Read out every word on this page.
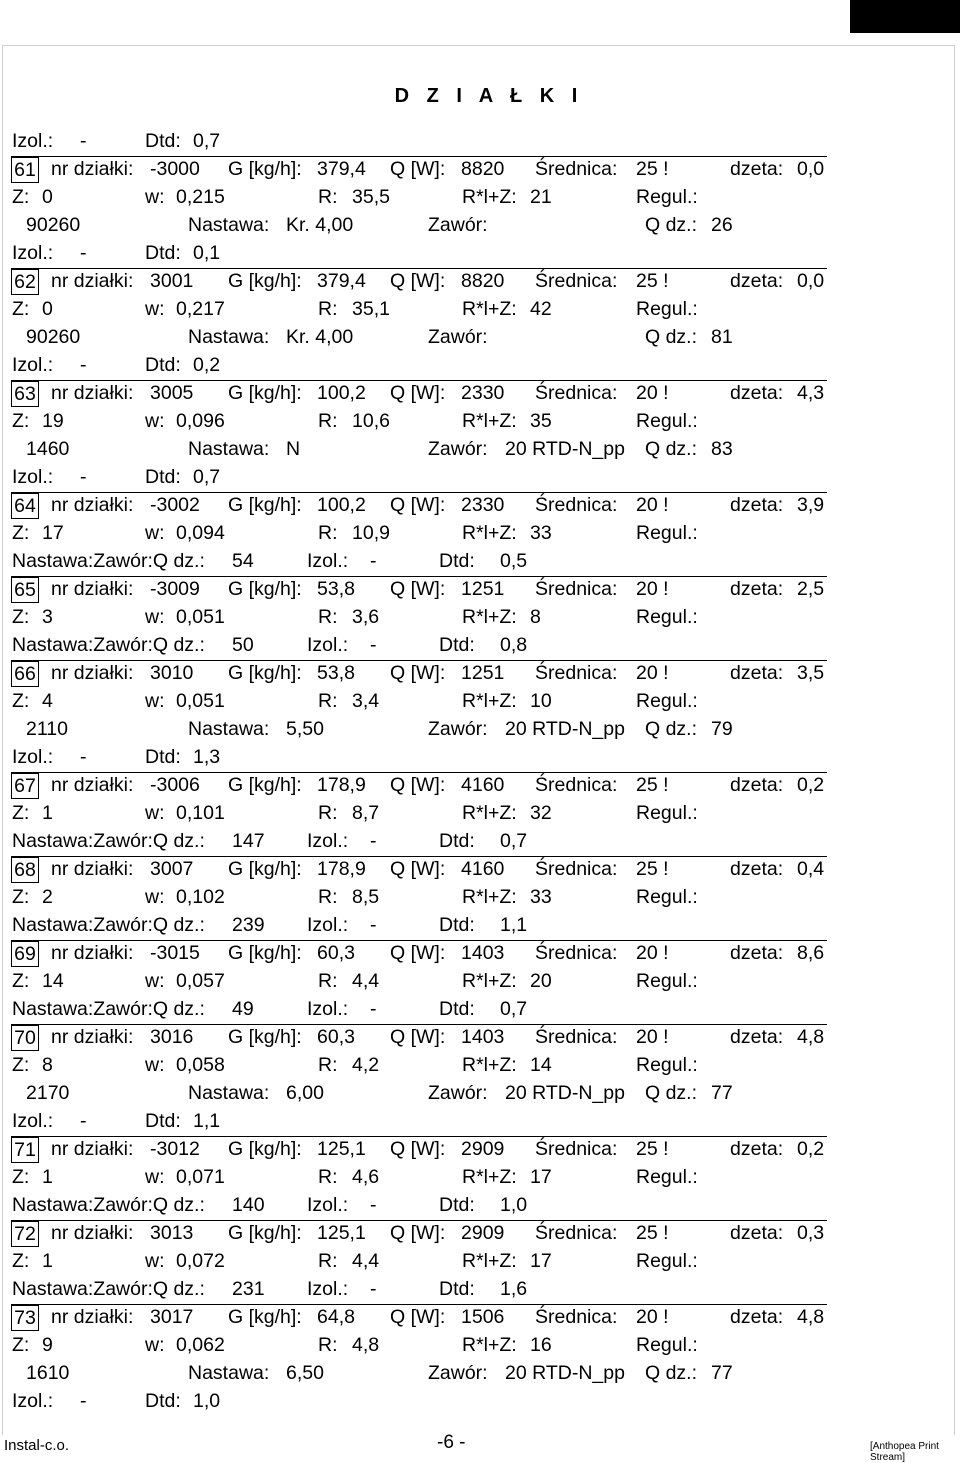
D Z I A Ł K I
Izol.: -	Dtd: 0,7
61 nr działki: -3000 G [kg/h]: 379,4 Q [W]: 8820 Średnica: 25 !	dzeta: 0,0
Z: 0	w: 0,215	R: 35,5	R*l+Z: 21	Regul.:
90260	Nastawa: Kr. 4,00	Zawór:	Q dz.: 26
Izol.: -	Dtd: 0,1
62 nr działki: 3001 G [kg/h]: 379,4 Q [W]: 8820 Średnica: 25 !	dzeta: 0,0
Z: 0	w: 0,217	R: 35,1	R*l+Z: 42	Regul.:
90260	Nastawa: Kr. 4,00	Zawór:	Q dz.: 81
Izol.: -	Dtd: 0,2
63 nr działki: 3005 G [kg/h]: 100,2 Q [W]: 2330 Średnica: 20 !	dzeta: 4,3
Z: 19	w: 0,096	R: 10,6	R*l+Z: 35	Regul.:
1460	Nastawa: N	Zawór: 20 RTD-N_pp Q dz.: 83
Izol.: -	Dtd: 0,7
64 nr działki: -3002 G [kg/h]: 100,2 Q [W]: 2330 Średnica: 20 !	dzeta: 3,9
Z: 17	w: 0,094	R: 10,9	R*l+Z: 33	Regul.:
Nastawa:Zawór:Q dz.: 54	Izol.: -	Dtd: 0,5
65 nr działki: -3009 G [kg/h]: 53,8 Q [W]: 1251 Średnica: 20 !	dzeta: 2,5
Z: 3	w: 0,051	R: 3,6	R*l+Z: 8	Regul.:
Nastawa:Zawór:Q dz.: 50	Izol.: -	Dtd: 0,8
66 nr działki: 3010 G [kg/h]: 53,8 Q [W]: 1251 Średnica: 20 !	dzeta: 3,5
Z: 4	w: 0,051	R: 3,4	R*l+Z: 10	Regul.:
2110	Nastawa: 5,50	Zawór: 20 RTD-N_pp Q dz.: 79
Izol.: -	Dtd: 1,3
67 nr działki: -3006 G [kg/h]: 178,9 Q [W]: 4160 Średnica: 25 !	dzeta: 0,2
Z: 1	w: 0,101	R: 8,7	R*l+Z: 32	Regul.:
Nastawa:Zawór:Q dz.: 147 Izol.: -	Dtd: 0,7
68 nr działki: 3007 G [kg/h]: 178,9 Q [W]: 4160 Średnica: 25 !	dzeta: 0,4
Z: 2	w: 0,102	R: 8,5	R*l+Z: 33	Regul.:
Nastawa:Zawór:Q dz.: 239 Izol.: -	Dtd: 1,1
69 nr działki: -3015 G [kg/h]: 60,3 Q [W]: 1403 Średnica: 20 !	dzeta: 8,6
Z: 14	w: 0,057	R: 4,4	R*l+Z: 20	Regul.:
Nastawa:Zawór:Q dz.: 49	Izol.: -	Dtd: 0,7
70 nr działki: 3016 G [kg/h]: 60,3 Q [W]: 1403 Średnica: 20 !	dzeta: 4,8
Z: 8	w: 0,058	R: 4,2	R*l+Z: 14	Regul.:
2170	Nastawa: 6,00	Zawór: 20 RTD-N_pp Q dz.: 77
Izol.: -	Dtd: 1,1
71 nr działki: -3012 G [kg/h]: 125,1 Q [W]: 2909 Średnica: 25 !	dzeta: 0,2
Z: 1	w: 0,071	R: 4,6	R*l+Z: 17	Regul.:
Nastawa:Zawór:Q dz.: 140 Izol.: -	Dtd: 1,0
72 nr działki: 3013 G [kg/h]: 125,1 Q [W]: 2909 Średnica: 25 !	dzeta: 0,3
Z: 1	w: 0,072	R: 4,4	R*l+Z: 17	Regul.:
Nastawa:Zawór:Q dz.: 231 Izol.: -	Dtd: 1,6
73 nr działki: 3017 G [kg/h]: 64,8 Q [W]: 1506 Średnica: 20 !	dzeta: 4,8
Z: 9	w: 0,062	R: 4,8	R*l+Z: 16	Regul.:
1610	Nastawa: 6,50	Zawór: 20 RTD-N_pp Q dz.: 77
Izol.: -	Dtd: 1,0
Instal-c.o.	-6 -	[Anthopea Print Stream]
